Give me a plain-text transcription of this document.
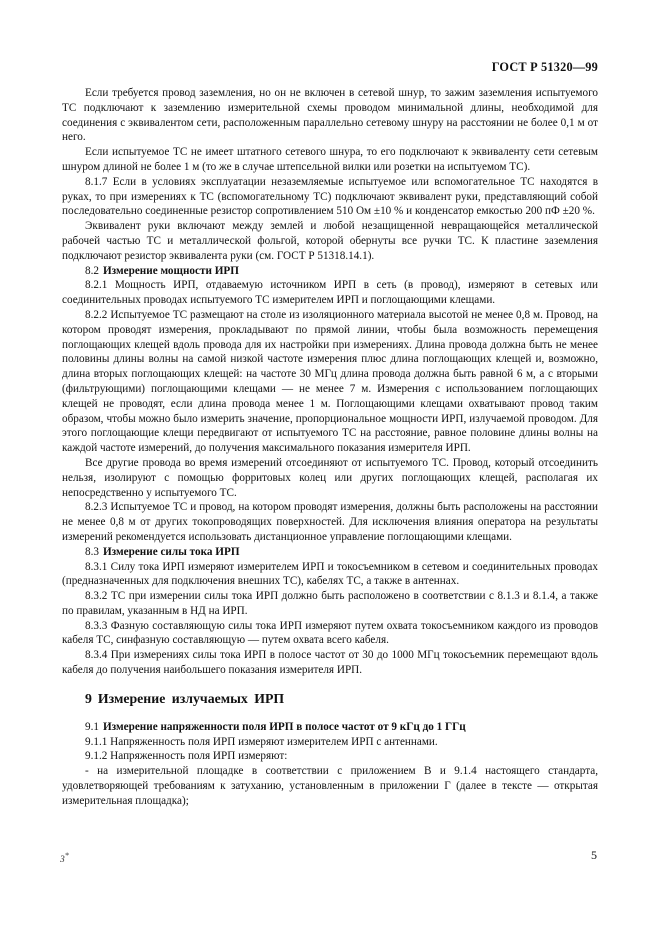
ГОСТ Р 51320—99

Если требуется провод заземления, но он не включен в сетевой шнур, то зажим заземления испытуемого ТС подключают к заземлению измерительной схемы проводом минимальной длины, необходимой для соединения с эквивалентом сети, расположенным параллельно сетевому шнуру на расстоянии не более 0,1 м от него.

Если испытуемое ТС не имеет штатного сетевого шнура, то его подключают к эквиваленту сети сетевым шнуром длиной не более 1 м (то же в случае штепсельной вилки или розетки на испытуемом ТС).

8.1.7 Если в условиях эксплуатации незаземляемые испытуемое или вспомогательное ТС находятся в руках, то при измерениях к ТС (вспомогательному ТС) подключают эквивалент руки, представляющий собой последовательно соединенные резистор сопротивлением 510 Ом ±10 % и конденсатор емкостью 200 пФ ±20 %.

Эквивалент руки включают между землей и любой незащищенной невращающейся металлической рабочей частью ТС и металлической фольгой, которой обернуты все ручки ТС. К пластине заземления подключают резистор эквивалента руки (см. ГОСТ Р 51318.14.1).

8.2 Измерение мощности ИРП

8.2.1 Мощность ИРП, отдаваемую источником ИРП в сеть (в провод), измеряют в сетевых или соединительных проводах испытуемого ТС измерителем ИРП и поглощающими клещами.

8.2.2 Испытуемое ТС размещают на столе из изоляционного материала высотой не менее 0,8 м. Провод, на котором проводят измерения, прокладывают по прямой линии, чтобы была возможность перемещения поглощающих клещей вдоль провода для их настройки при измерениях. Длина провода должна быть не менее половины длины волны на самой низкой частоте измерения плюс длина поглощающих клещей и, возможно, длина вторых поглощающих клещей: на частоте 30 МГц длина провода должна быть равной 6 м, а с вторыми (фильтрующими) поглощающими клещами — не менее 7 м. Измерения с использованием поглощающих клещей не проводят, если длина провода менее 1 м. Поглощающими клещами охватывают провод таким образом, чтобы можно было измерить значение, пропорциональное мощности ИРП, излучаемой проводом. Для этого поглощающие клещи передвигают от испытуемого ТС на расстояние, равное половине длины волны на каждой частоте измерений, до получения максимального показания измерителя ИРП.

Все другие провода во время измерений отсоединяют от испытуемого ТС. Провод, который отсоединить нельзя, изолируют с помощью форритовых колец или других поглощающих клещей, располагая их непосредственно у испытуемого ТС.

8.2.3 Испытуемое ТС и провод, на котором проводят измерения, должны быть расположены на расстоянии не менее 0,8 м от других токопроводящих поверхностей. Для исключения влияния оператора на результаты измерений рекомендуется использовать дистанционное управление поглощающими клещами.

8.3 Измерение силы тока ИРП

8.3.1 Силу тока ИРП измеряют измерителем ИРП и токосъемником в сетевом и соединительных проводах (предназначенных для подключения внешних ТС), кабелях ТС, а также в антеннах.

8.3.2 ТС при измерении силы тока ИРП должно быть расположено в соответствии с 8.1.3 и 8.1.4, а также по правилам, указанным в НД на ИРП.

8.3.3 Фазную составляющую силы тока ИРП измеряют путем охвата токосъемником каждого из проводов кабеля ТС, синфазную составляющую — путем охвата всего кабеля.

8.3.4 При измерениях силы тока ИРП в полосе частот от 30 до 1000 МГц токосъемник перемещают вдоль кабеля до получения наибольшего показания измерителя ИРП.

9 Измерение излучаемых ИРП

9.1 Измерение напряженности поля ИРП в полосе частот от 9 кГц до 1 ГГц

9.1.1 Напряженность поля ИРП измеряют измерителем ИРП с антеннами.

9.1.2 Напряженность поля ИРП измеряют:

- на измерительной площадке в соответствии с приложением В и 9.1.4 настоящего стандарта, удовлетворяющей требованиям к затуханию, установленным в приложении Г (далее в тексте — открытая измерительная площадка);

3*	5
